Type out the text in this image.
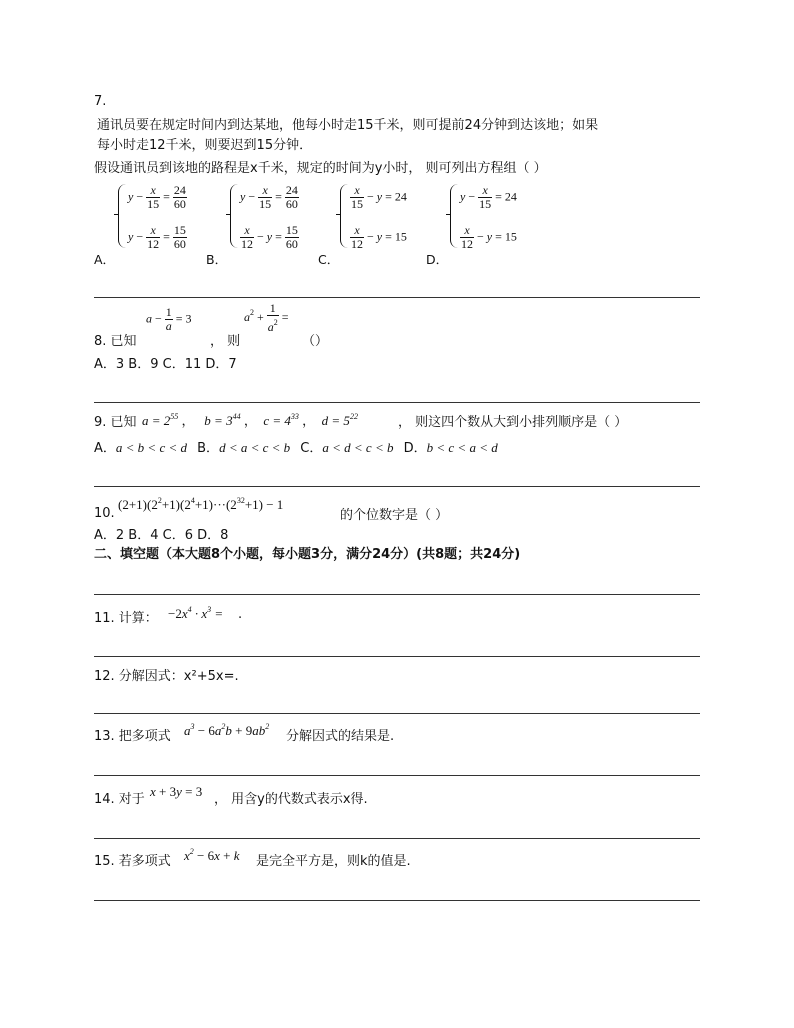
7.
通讯员要在规定时间内到达某地，他每小时走15千米，则可提前24分钟到达该地；如果
每小时走12千米，则要迟到15分钟．
假设通讯员到该地的路程是x千米，规定的时间为y小时， 则可列出方程组（ ）
A．
$y - \frac{x}{15} = \frac{24}{60}$
$y - \frac{x}{12} = \frac{15}{60}$
B．
$y - \frac{x}{15} = \frac{24}{60}$
$\frac{x}{12} - y = \frac{15}{60}$
C．
$\frac{x}{15} - y = 24$
$\frac{x}{12} - y = 15$
D．
$y - \frac{x}{15} = 24$
$\frac{x}{12} - y = 15$
8. 已知
$a - \frac{1}{a} = 3$
， 则
$a^2 + \frac{1}{a^2}$ =
（）
A．3 B．9 C．11 D．7
9. 已知 $a = 2^{55}$ ，   $b = 3^{44}$ ，  $c = 4^{33}$ ，  $d = 5^{22}$	， 则这四个数从大到小排列顺序是（ ）
A．a < b < c < d B．d < a < c < b C．a < d < c < b D．b < c < a < d
10.
$(2+1)(2^2+1)(2^4+1)\cdot\cdot\cdot(2^{32}+1) - 1$
的个位数字是（ ）
A．2 B．4 C．6 D．8
二、填空题（本大题8个小题，每小题3分，满分24分）(共8题；共24分)
11. 计算： $-2x^4 \cdot x^3$ = .
12. 分解因式：x²+5x=.
13. 把多项式 $a^3 - 6a^2b + 9ab^2$
分解因式的结果是.
14. 对于
x + 3y = 3
， 用含y的代数式表示x得.
15. 若多项式 $x^2 - 6x + k$ 是完全平方是，则k的值是.
